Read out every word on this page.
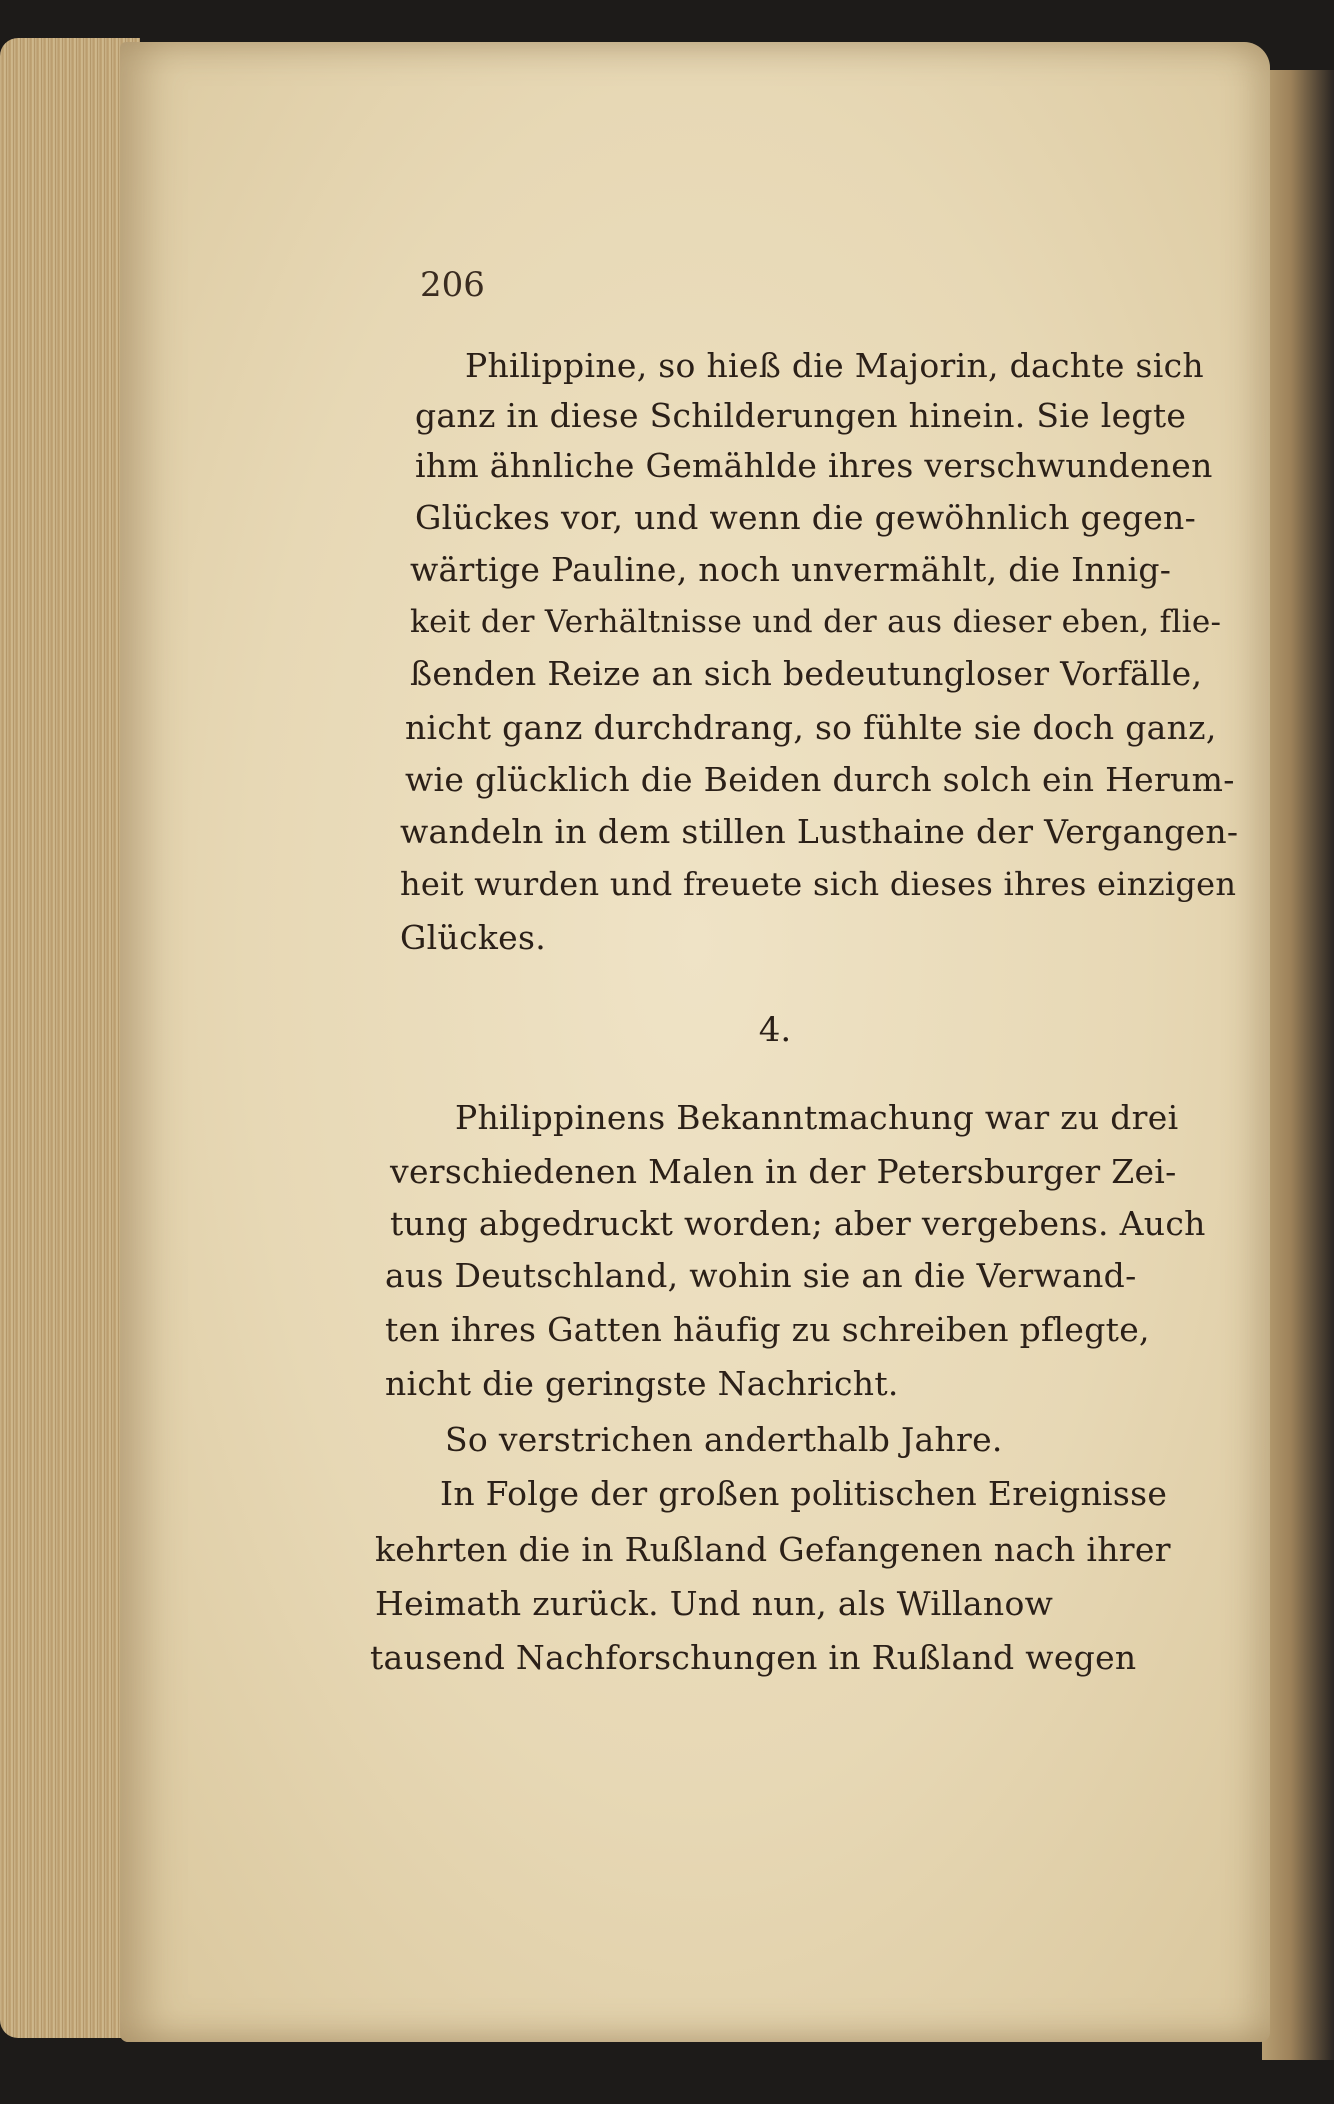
206
Philippine, so hieß die Majorin, dachte sich
ganz in diese Schilderungen hinein. Sie legte
ihm ähnliche Gemählde ihres verschwundenen
Glückes vor, und wenn die gewöhnlich gegen-
wärtige Pauline, noch unvermählt, die Innig-
keit der Verhältnisse und der aus dieser eben, flie-
ßenden Reize an sich bedeutungloser Vorfälle,
nicht ganz durchdrang, so fühlte sie doch ganz,
wie glücklich die Beiden durch solch ein Herum-
wandeln in dem stillen Lusthaine der Vergangen-
heit wurden und freuete sich dieses ihres einzigen
Glückes.
4.
Philippinens Bekanntmachung war zu drei
verschiedenen Malen in der Petersburger Zei-
tung abgedruckt worden; aber vergebens. Auch
aus Deutschland, wohin sie an die Verwand-
ten ihres Gatten häufig zu schreiben pflegte,
nicht die geringste Nachricht.
So verstrichen anderthalb Jahre.
In Folge der großen politischen Ereignisse
kehrten die in Rußland Gefangenen nach ihrer
Heimath zurück. Und nun, als Willanow
tausend Nachforschungen in Rußland wegen
